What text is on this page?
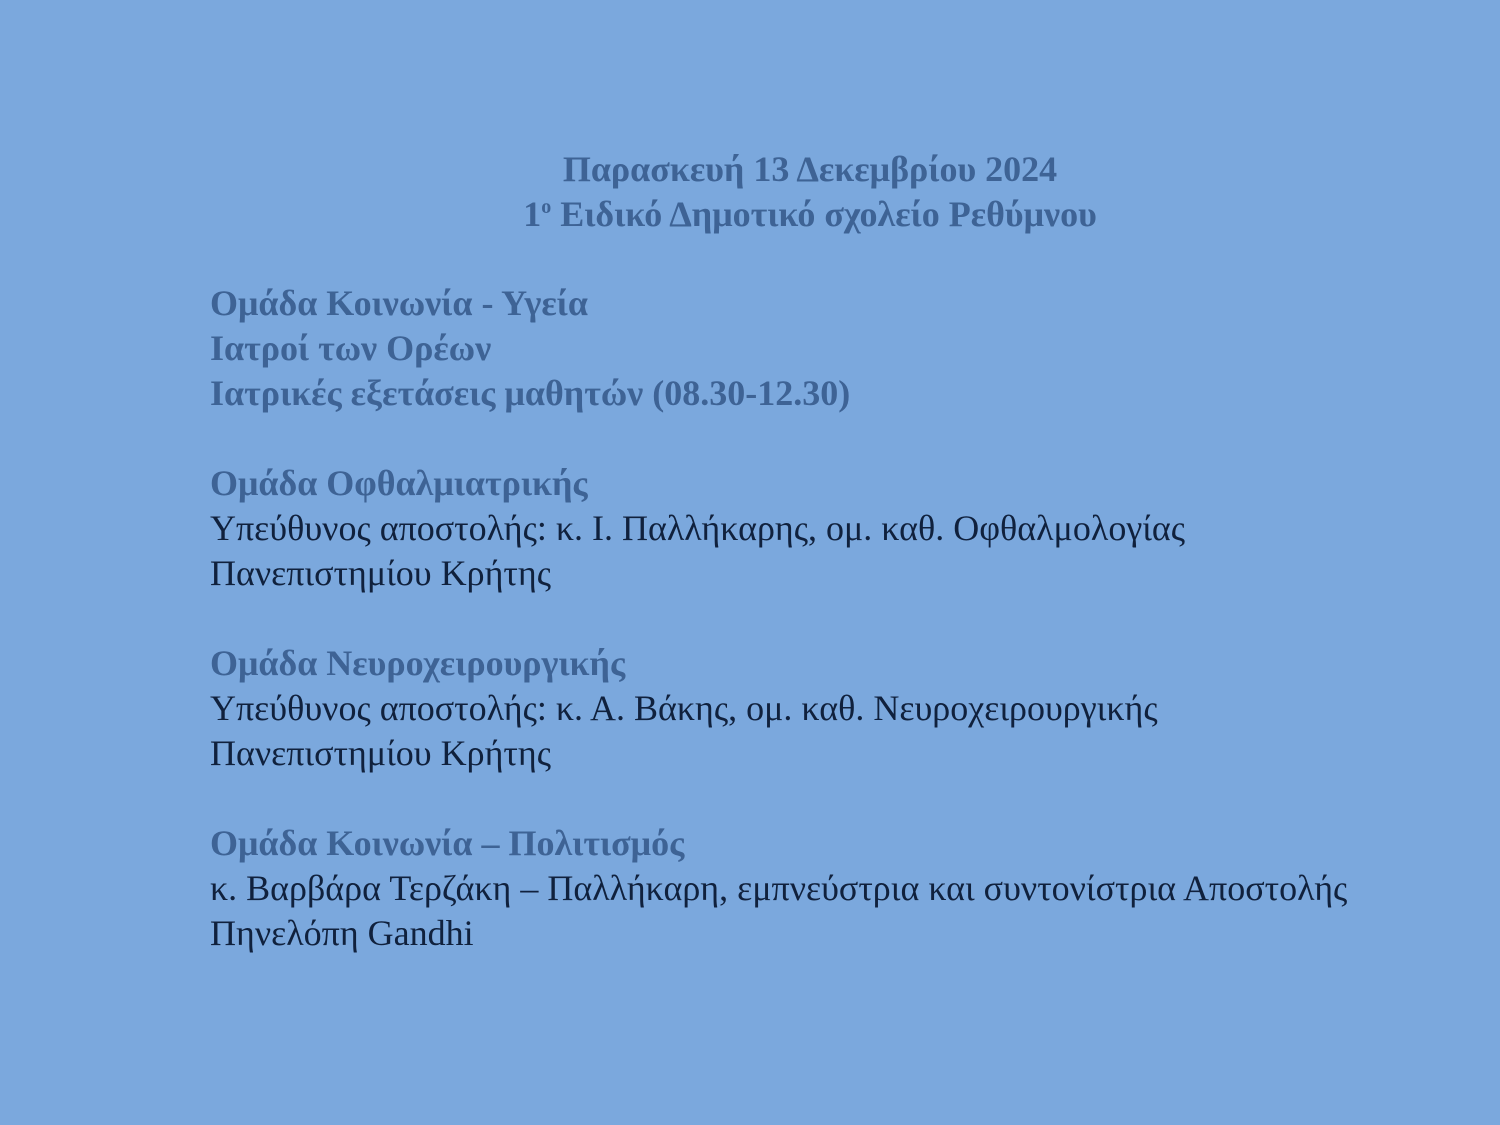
Παρασκευή 13 Δεκεμβρίου 2024
$1^o$ Ειδικό Δημοτικό σχολείο Ρεθύμνου
Ομάδα Κοινωνία - Υγεία
Ιατροί των Ορέων
Ιατρικές εξετάσεις μαθητών (08.30-12.30)
Ομάδα Οφθαλμιατρικής
Υπεύθυνος αποστολής: κ. Ι. Παλλήκαρης, ομ. καθ. Οφθαλμολογίας
Πανεπιστημίου Κρήτης
Ομάδα Νευροχειρουργικής
Υπεύθυνος αποστολής: κ. Α. Βάκης, ομ. καθ. Νευροχειρουργικής
Πανεπιστημίου Κρήτης
Ομάδα Κοινωνία – Πολιτισμός
κ. Βαρβάρα Τερζάκη – Παλλήκαρη, εμπνεύστρια και συντονίστρια Αποστολής
Πηνελόπη Gandhi
